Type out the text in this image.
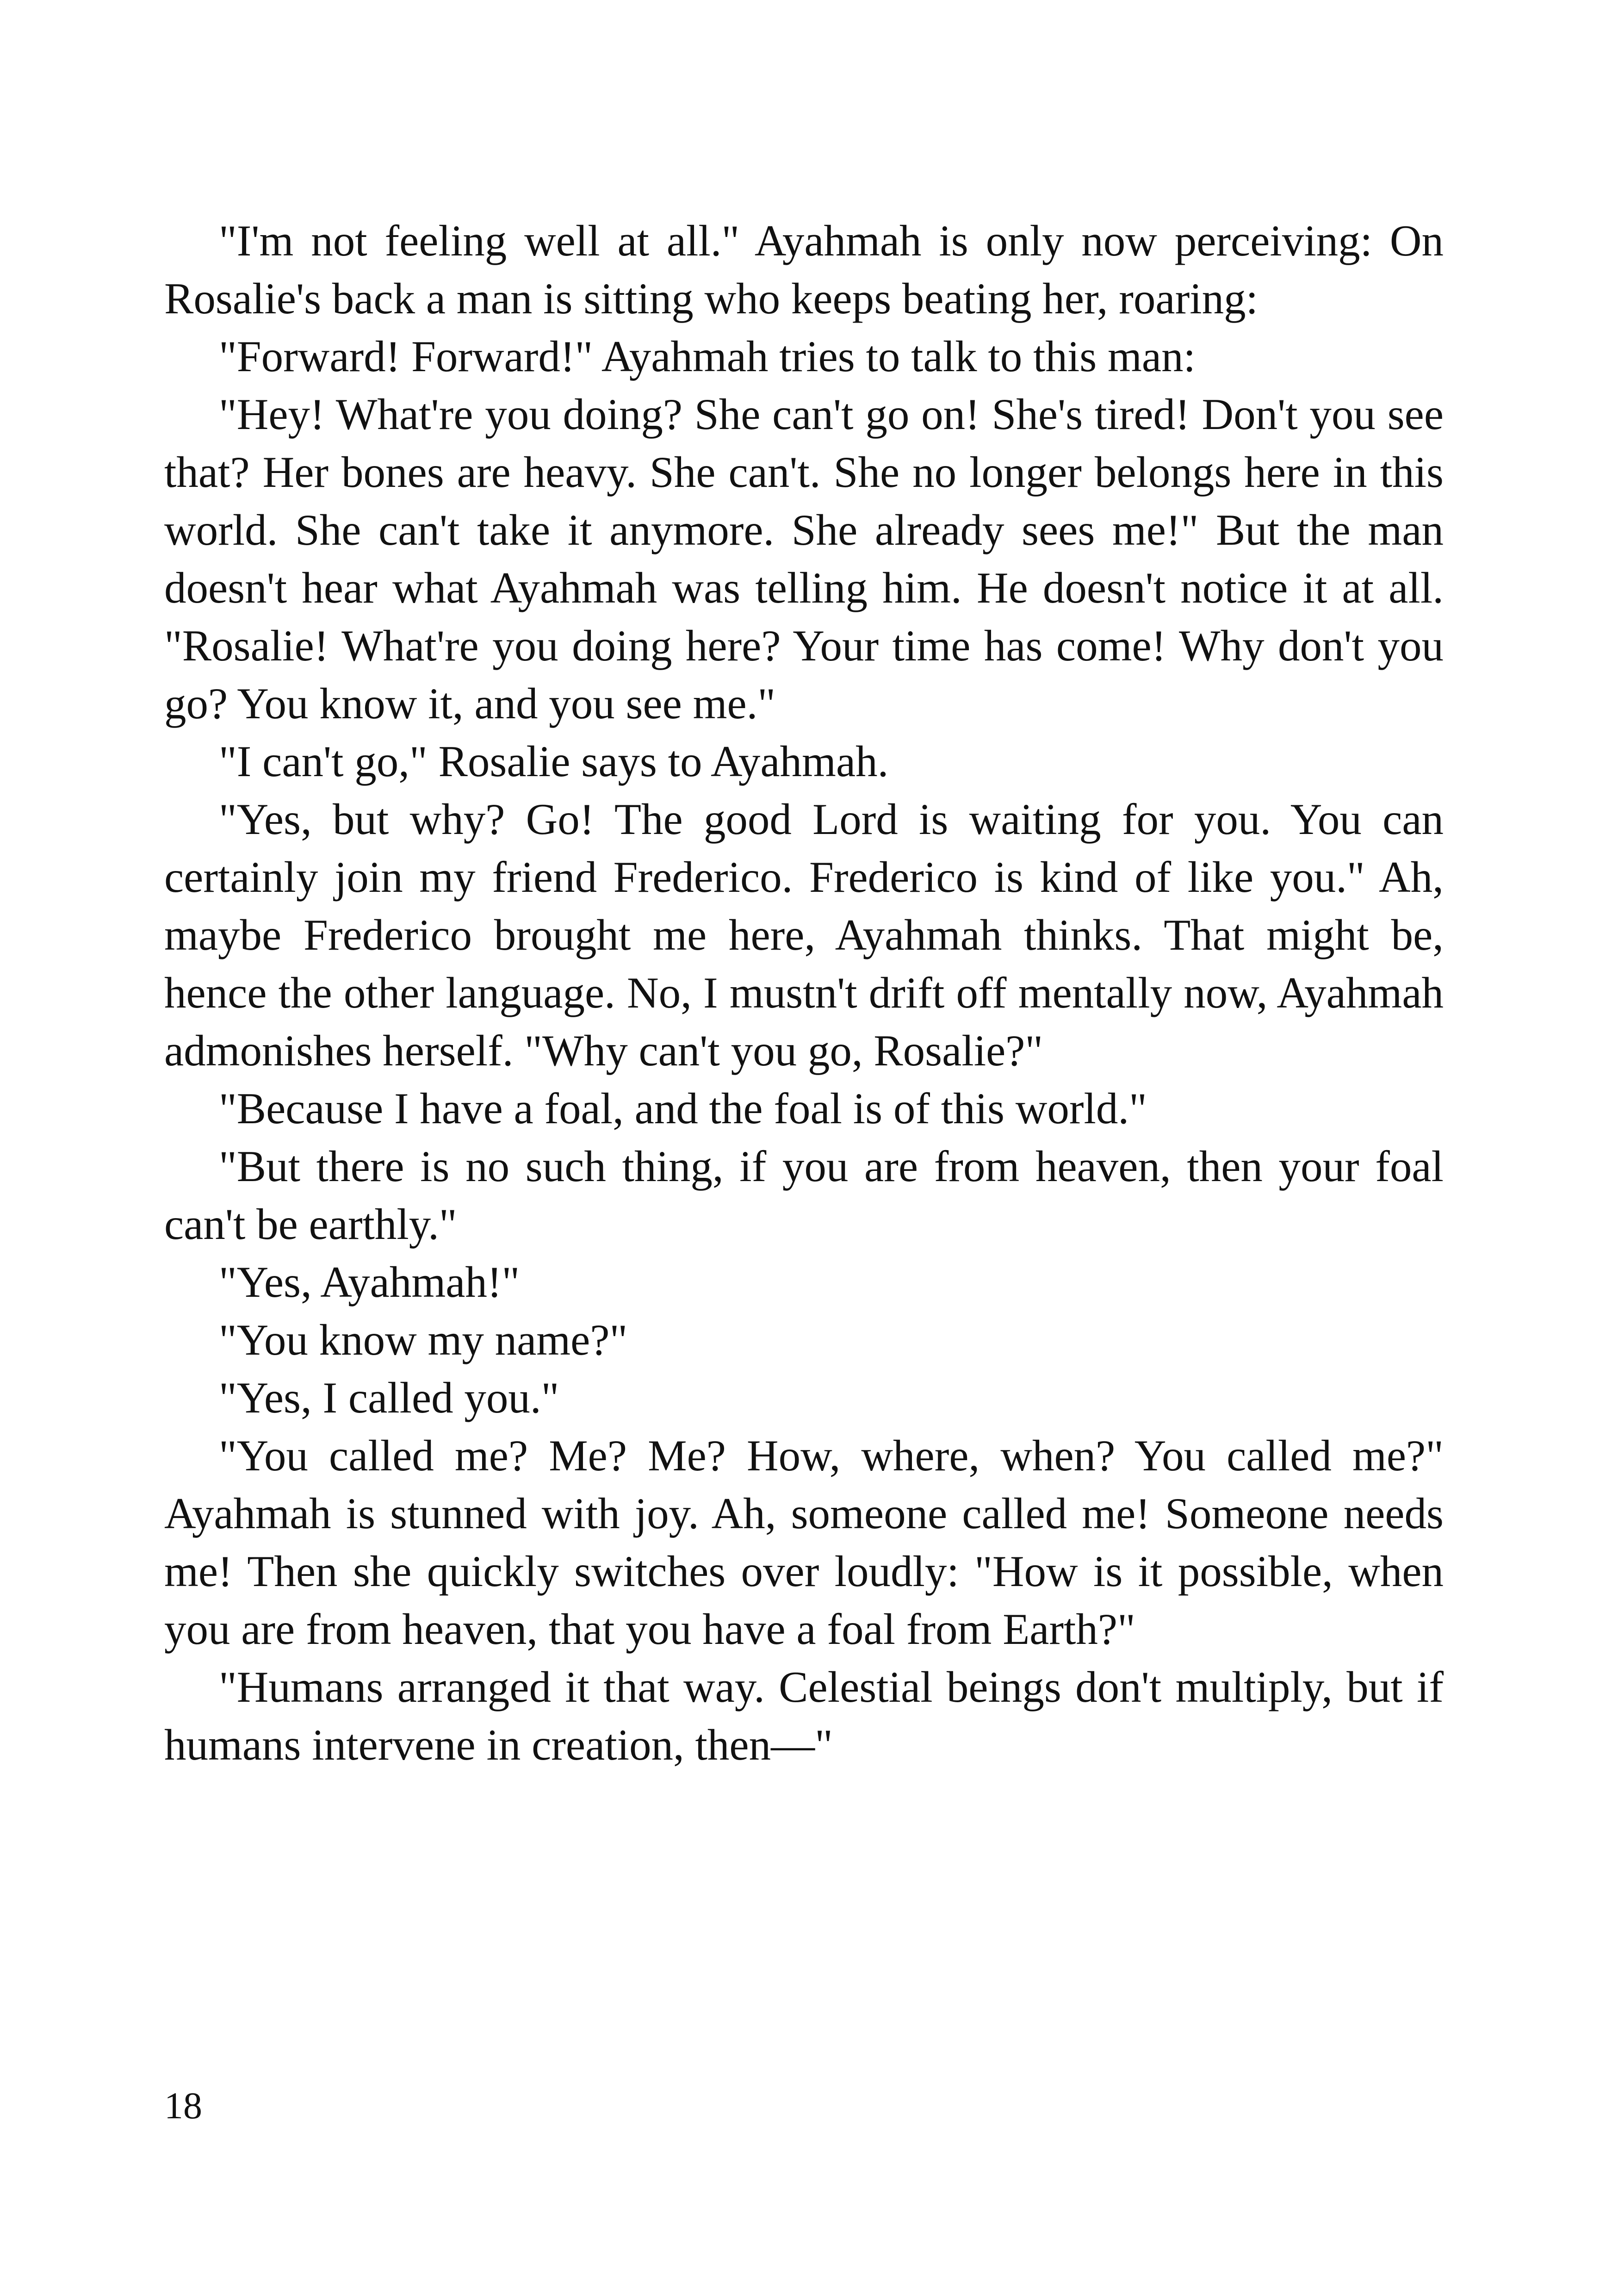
"I'm not feeling well at all." Ayahmah is only now perceiving: On Rosalie's back a man is sitting who keeps beating her, roaring:

"Forward! Forward!" Ayahmah tries to talk to this man:

"Hey! What're you doing? She can't go on! She's tired! Don't you see that? Her bones are heavy. She can't. She no longer belongs here in this world. She can't take it anymore. She already sees me!" But the man doesn't hear what Ayahmah was telling him. He doesn't notice it at all. "Rosalie! What're you doing here? Your time has come! Why don't you go? You know it, and you see me."

"I can't go," Rosalie says to Ayahmah.

"Yes, but why? Go! The good Lord is waiting for you. You can certainly join my friend Frederico. Frederico is kind of like you." Ah, maybe Frederico brought me here, Ayahmah thinks. That might be, hence the other language. No, I mustn't drift off mentally now, Ayahmah admonishes herself. "Why can't you go, Rosalie?"

"Because I have a foal, and the foal is of this world."

"But there is no such thing, if you are from heaven, then your foal can't be earthly."

"Yes, Ayahmah!"

"You know my name?"

"Yes, I called you."

"You called me? Me? Me? How, where, when? You called me?" Ayahmah is stunned with joy. Ah, someone called me! Someone needs me! Then she quickly switches over loudly: "How is it possible, when you are from heaven, that you have a foal from Earth?"

"Humans arranged it that way. Celestial beings don't multiply, but if humans intervene in creation, then—"

18
